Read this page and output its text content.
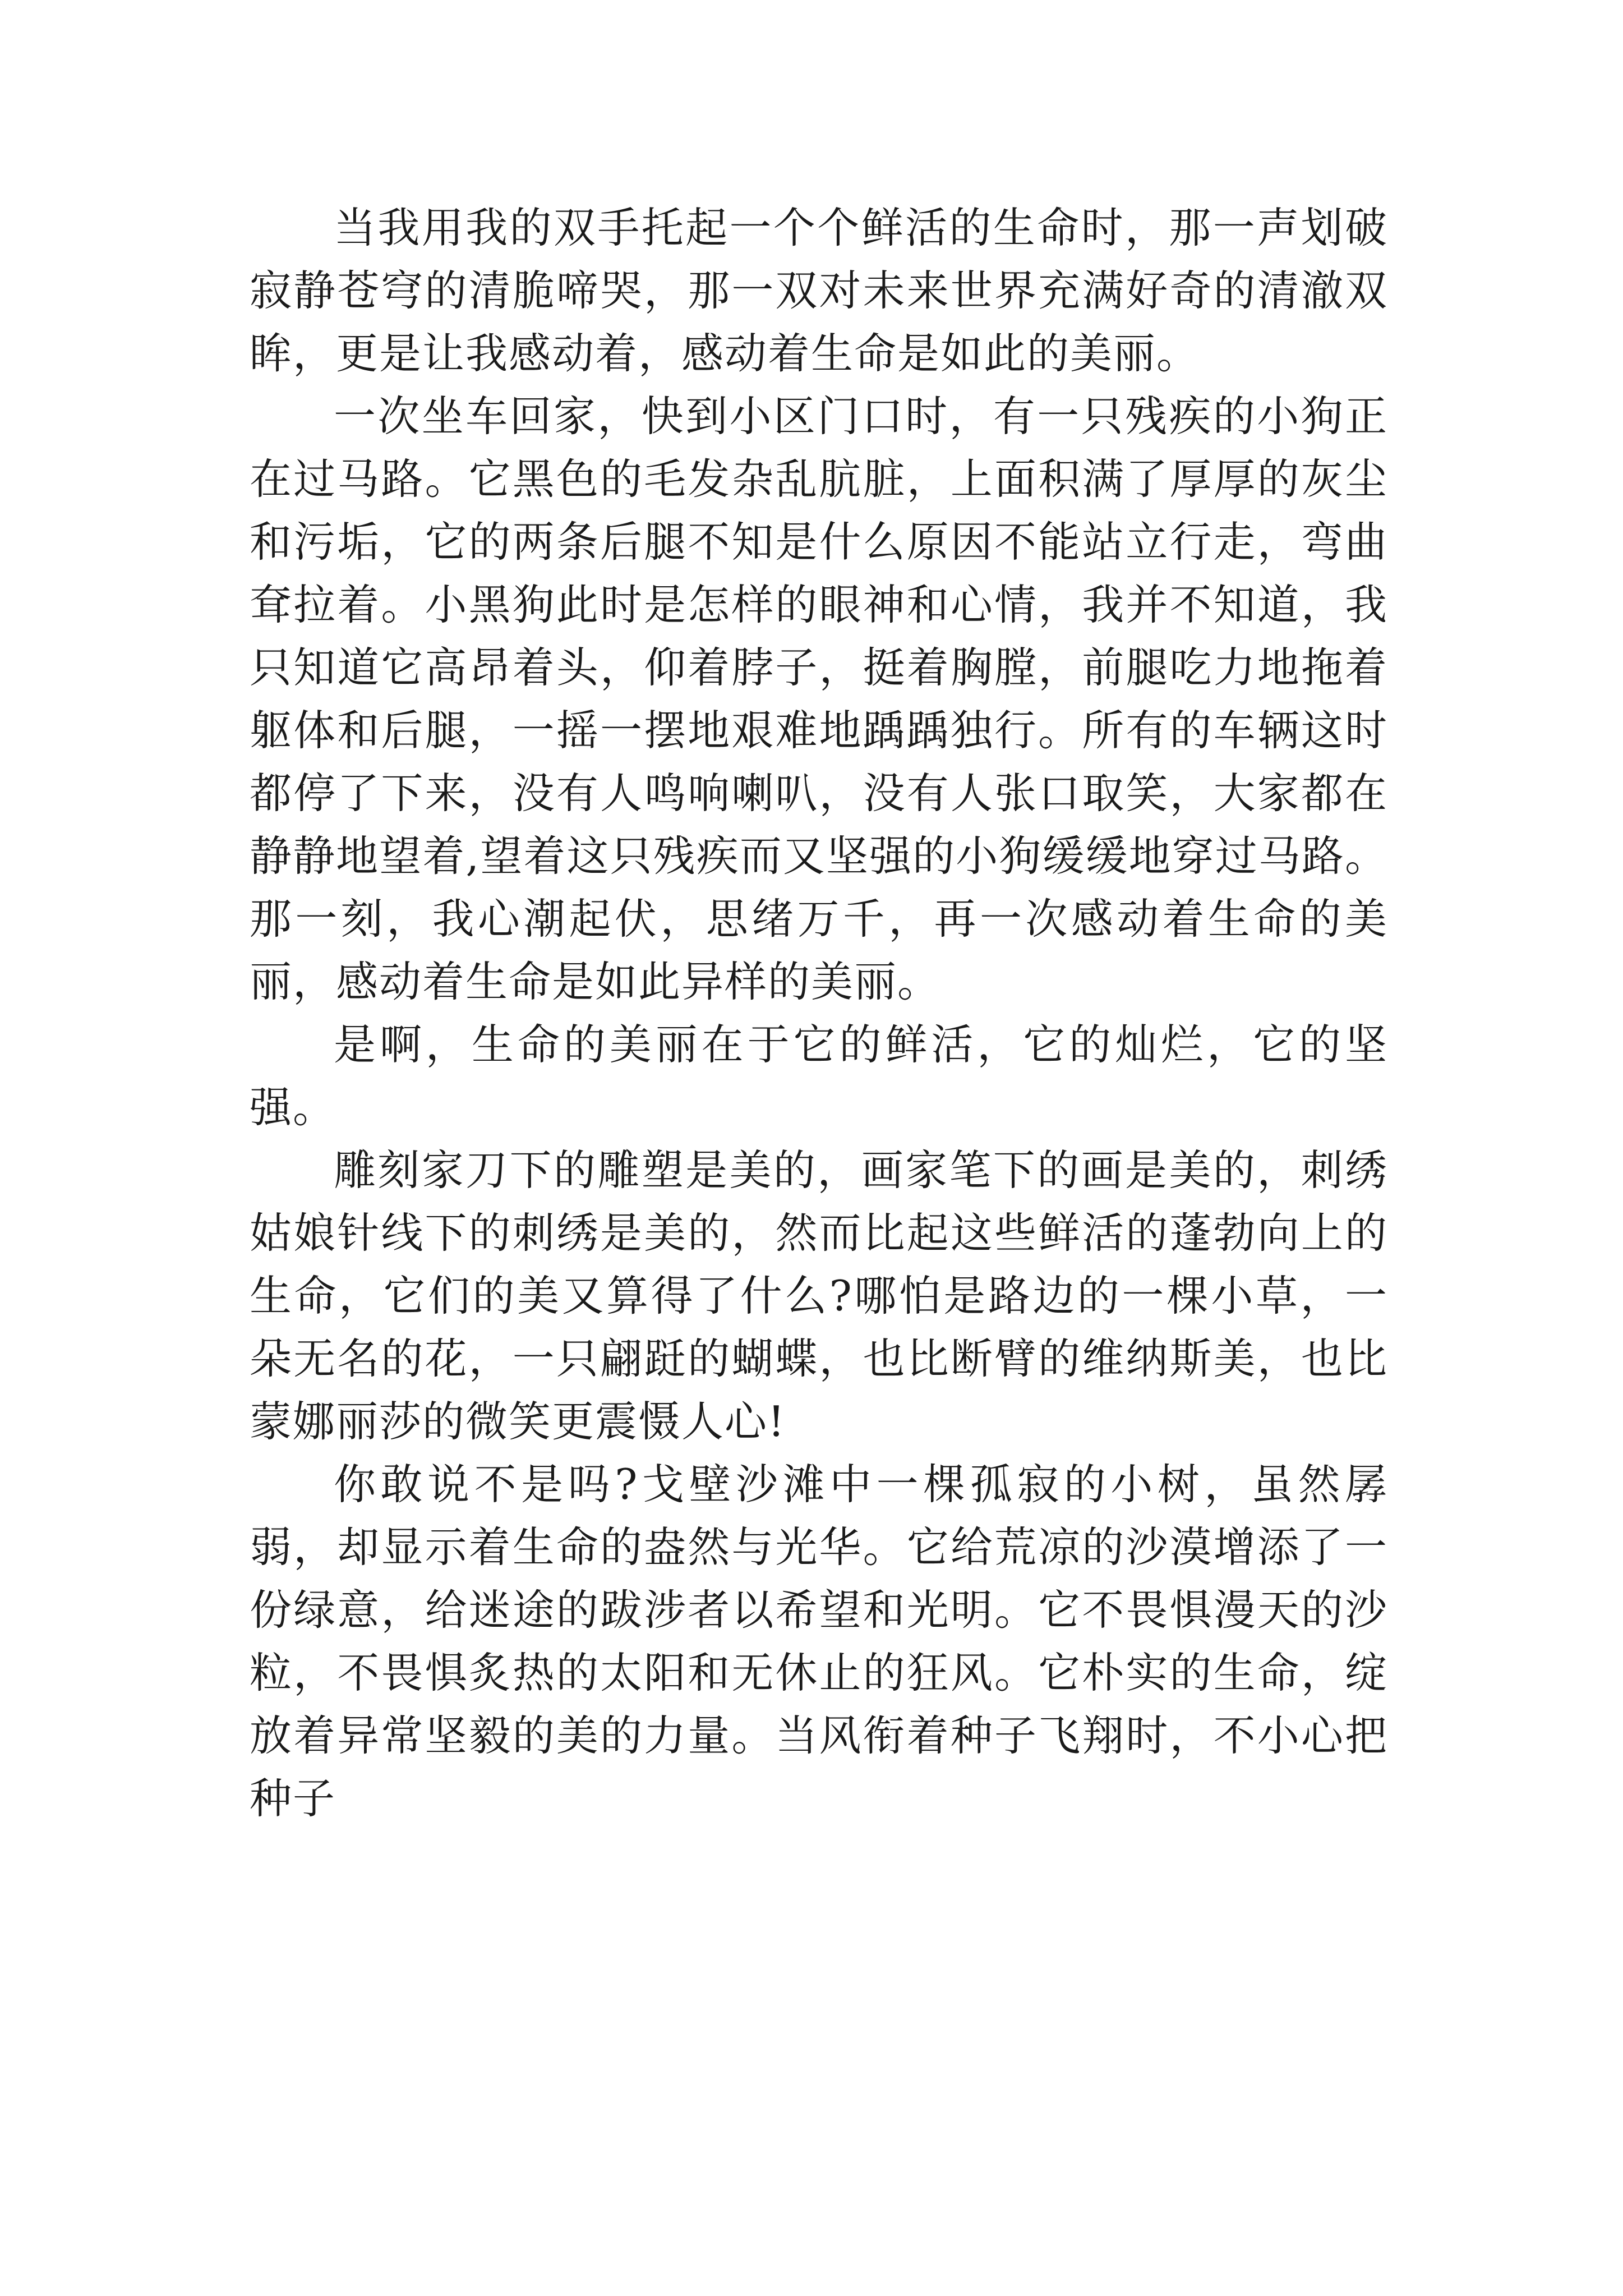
当我用我的双手托起一个个鲜活的生命时，那一声划破寂静苍穹的清脆啼哭，那一双对未来世界充满好奇的清澈双眸，更是让我感动着，感动着生命是如此的美丽。

一次坐车回家，快到小区门口时，有一只残疾的小狗正在过马路。它黑色的毛发杂乱肮脏，上面积满了厚厚的灰尘和污垢，它的两条后腿不知是什么原因不能站立行走，弯曲耷拉着。小黑狗此时是怎样的眼神和心情，我并不知道，我只知道它高昂着头，仰着脖子，挺着胸膛，前腿吃力地拖着躯体和后腿，一摇一摆地艰难地踽踽独行。所有的车辆这时都停了下来，没有人鸣响喇叭，没有人张口取笑，大家都在静静地望着,望着这只残疾而又坚强的小狗缓缓地穿过马路。那一刻，我心潮起伏，思绪万千，再一次感动着生命的美丽，感动着生命是如此异样的美丽。

是啊，生命的美丽在于它的鲜活，它的灿烂，它的坚强。

雕刻家刀下的雕塑是美的，画家笔下的画是美的，刺绣姑娘针线下的刺绣是美的，然而比起这些鲜活的蓬勃向上的生命，它们的美又算得了什么?哪怕是路边的一棵小草，一朵无名的花，一只翩跹的蝴蝶，也比断臂的维纳斯美，也比蒙娜丽莎的微笑更震慑人心!

你敢说不是吗?戈壁沙滩中一棵孤寂的小树，虽然孱弱，却显示着生命的盎然与光华。它给荒凉的沙漠增添了一份绿意，给迷途的跋涉者以希望和光明。它不畏惧漫天的沙粒，不畏惧炙热的太阳和无休止的狂风。它朴实的生命，绽放着异常坚毅的美的力量。当风衔着种子飞翔时，不小心把种子
